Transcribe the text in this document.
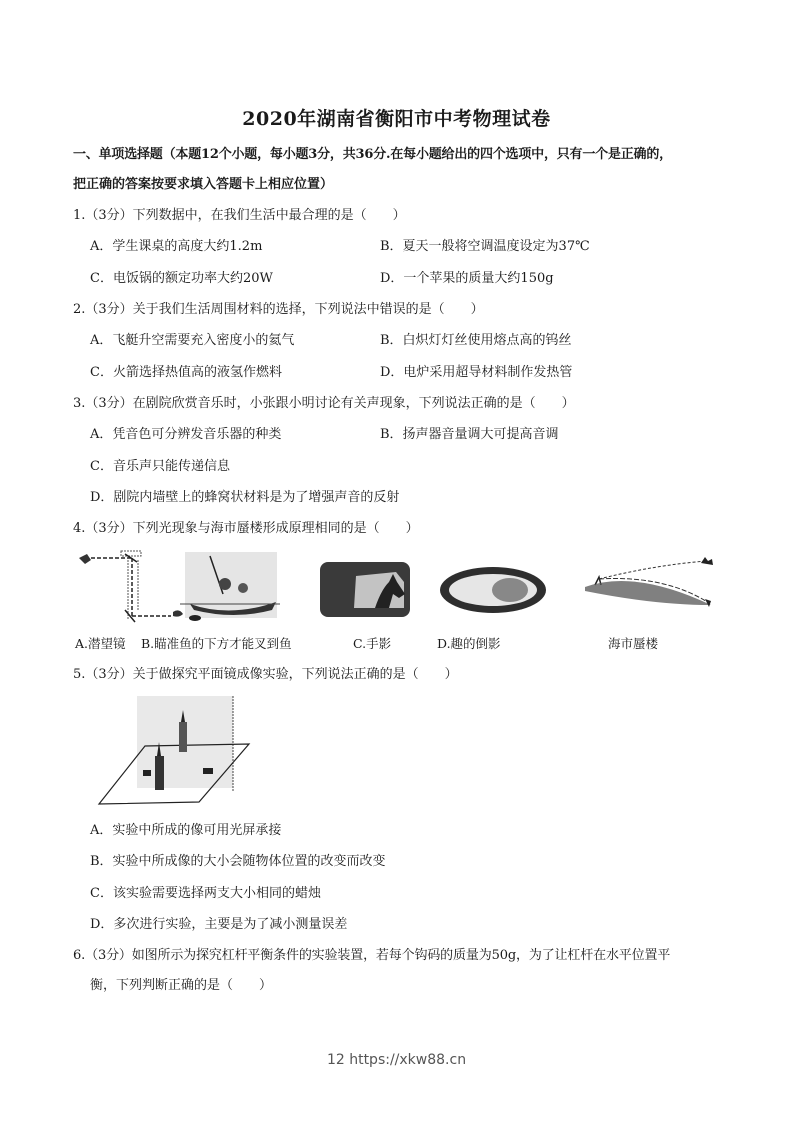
2020年湖南省衡阳市中考物理试卷
一、单项选择题（本题12个小题，每小题3分，共36分.在每小题给出的四个选项中，只有一个是正确的，
把正确的答案按要求填入答题卡上相应位置）
1.（3分）下列数据中，在我们生活中最合理的是（　　）
A．学生课桌的高度大约1.2m	B．夏天一般将空调温度设定为37℃
C．电饭锅的额定功率大约20W	D．一个苹果的质量大约150g
2.（3分）关于我们生活周围材料的选择，下列说法中错误的是（　　）
A．飞艇升空需要充入密度小的氦气	B．白炽灯灯丝使用熔点高的钨丝
C．火箭选择热值高的液氢作燃料	D．电炉采用超导材料制作发热管
3.（3分）在剧院欣赏音乐时，小张跟小明讨论有关声现象，下列说法正确的是（　　）
A．凭音色可分辨发音乐器的种类	B．扬声器音量调大可提高音调
C．音乐声只能传递信息
D．剧院内墙壁上的蜂窝状材料是为了增强声音的反射
4.（3分）下列光现象与海市蜃楼形成原理相同的是（　　）
A.潜望镜 B.瞄准鱼的下方才能叉到鱼	C.手影	D.趣的倒影	海市蜃楼
5.（3分）关于做探究平面镜成像实验，下列说法正确的是（　　）
A．实验中所成的像可用光屏承接
B．实验中所成像的大小会随物体位置的改变而改变
C．该实验需要选择两支大小相同的蜡烛
D．多次进行实验，主要是为了减小测量误差
6.（3分）如图所示为探究杠杆平衡条件的实验装置，若每个钩码的质量为50g，为了让杠杆在水平位置平
衡，下列判断正确的是（　　）
12 https://xkw88.cn
